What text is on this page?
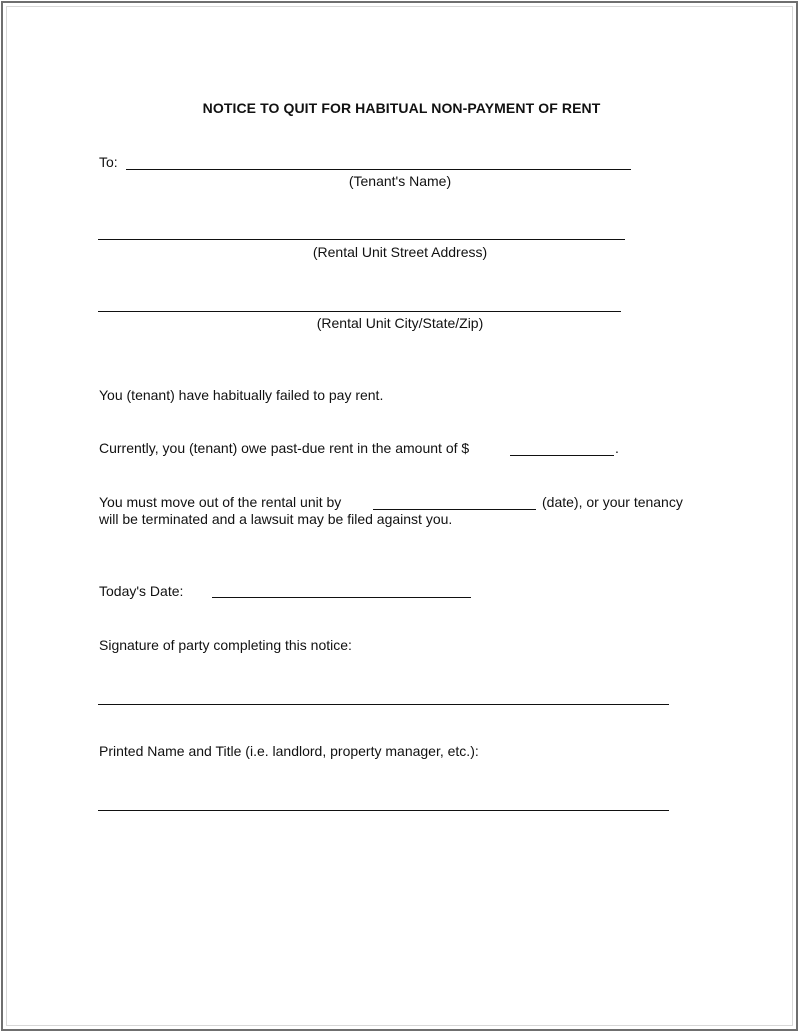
NOTICE TO QUIT FOR HABITUAL NON-PAYMENT OF RENT
To:
(Tenant's Name)
(Rental Unit Street Address)
(Rental Unit City/State/Zip)
You (tenant) have habitually failed to pay rent.
Currently, you (tenant) owe past-due rent in the amount of $	.
You must move out of the rental unit by	(date), or your tenancy
will be terminated and a lawsuit may be filed against you.
Today's Date:
Signature of party completing this notice:
Printed Name and Title (i.e. landlord, property manager, etc.):
